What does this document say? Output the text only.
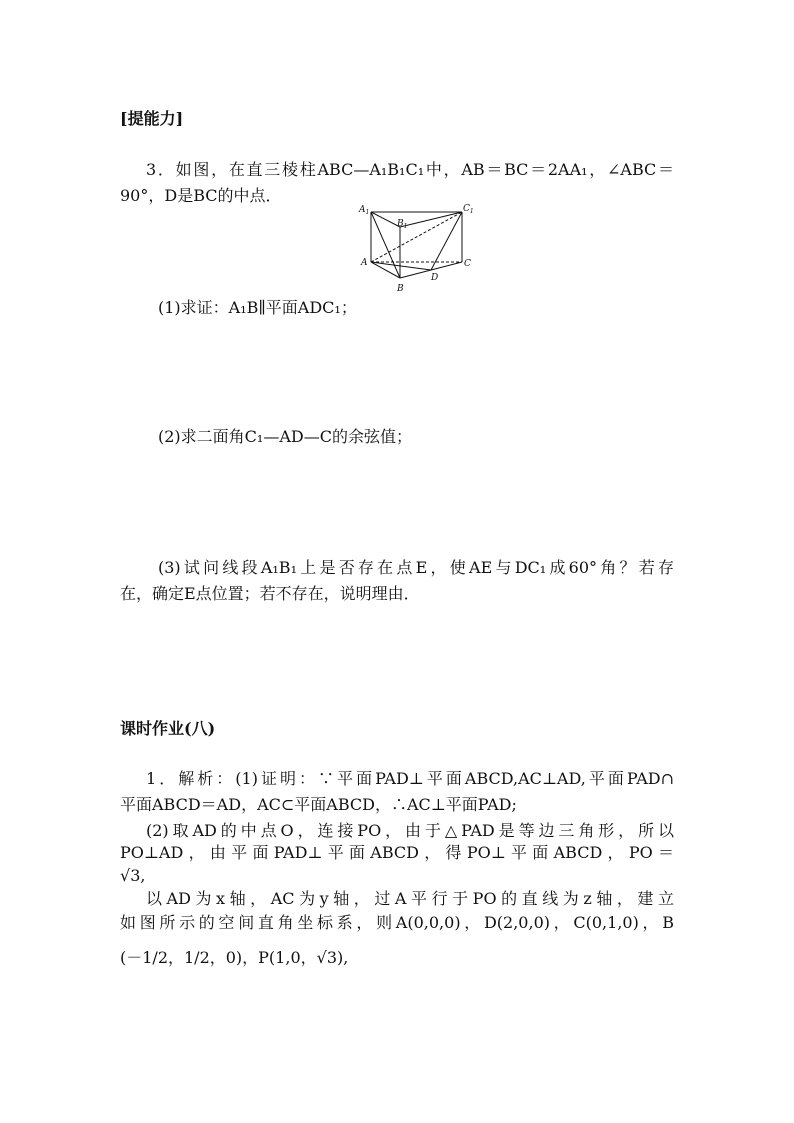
[提能力]
3．如图，在直三棱柱ABC—A₁B₁C₁中，AB＝BC＝2AA₁，∠ABC＝
90°，D是BC的中点．
$A_1$
$B_1$
$C_1$
A
B
C
D
(1)求证：A₁B∥平面ADC₁；
(2)求二面角C₁—AD—C的余弦值；
(3)试问线段A₁B₁上是否存在点E，使AE与DC₁成60°角？若存
在，确定E点位置；若不存在，说明理由．
课时作业(八)
1．解析：(1)证明：∵平面PAD⊥平面ABCD,AC⊥AD,平面PAD∩
平面ABCD＝AD，AC⊂平面ABCD，∴AC⊥平面PAD;
(2)取AD的中点O，连接PO，由于△PAD是等边三角形，所以
PO⊥AD，由平面PAD⊥平面ABCD，得PO⊥平面ABCD，PO＝
√3,
以AD为x轴，AC为y轴，过A平行于PO的直线为z轴，建立
如图所示的空间直角坐标系，则A(0,0,0)，D(2,0,0)，C(0,1,0)，B
(－1/2，1/2，0)，P(1,0，√3),
